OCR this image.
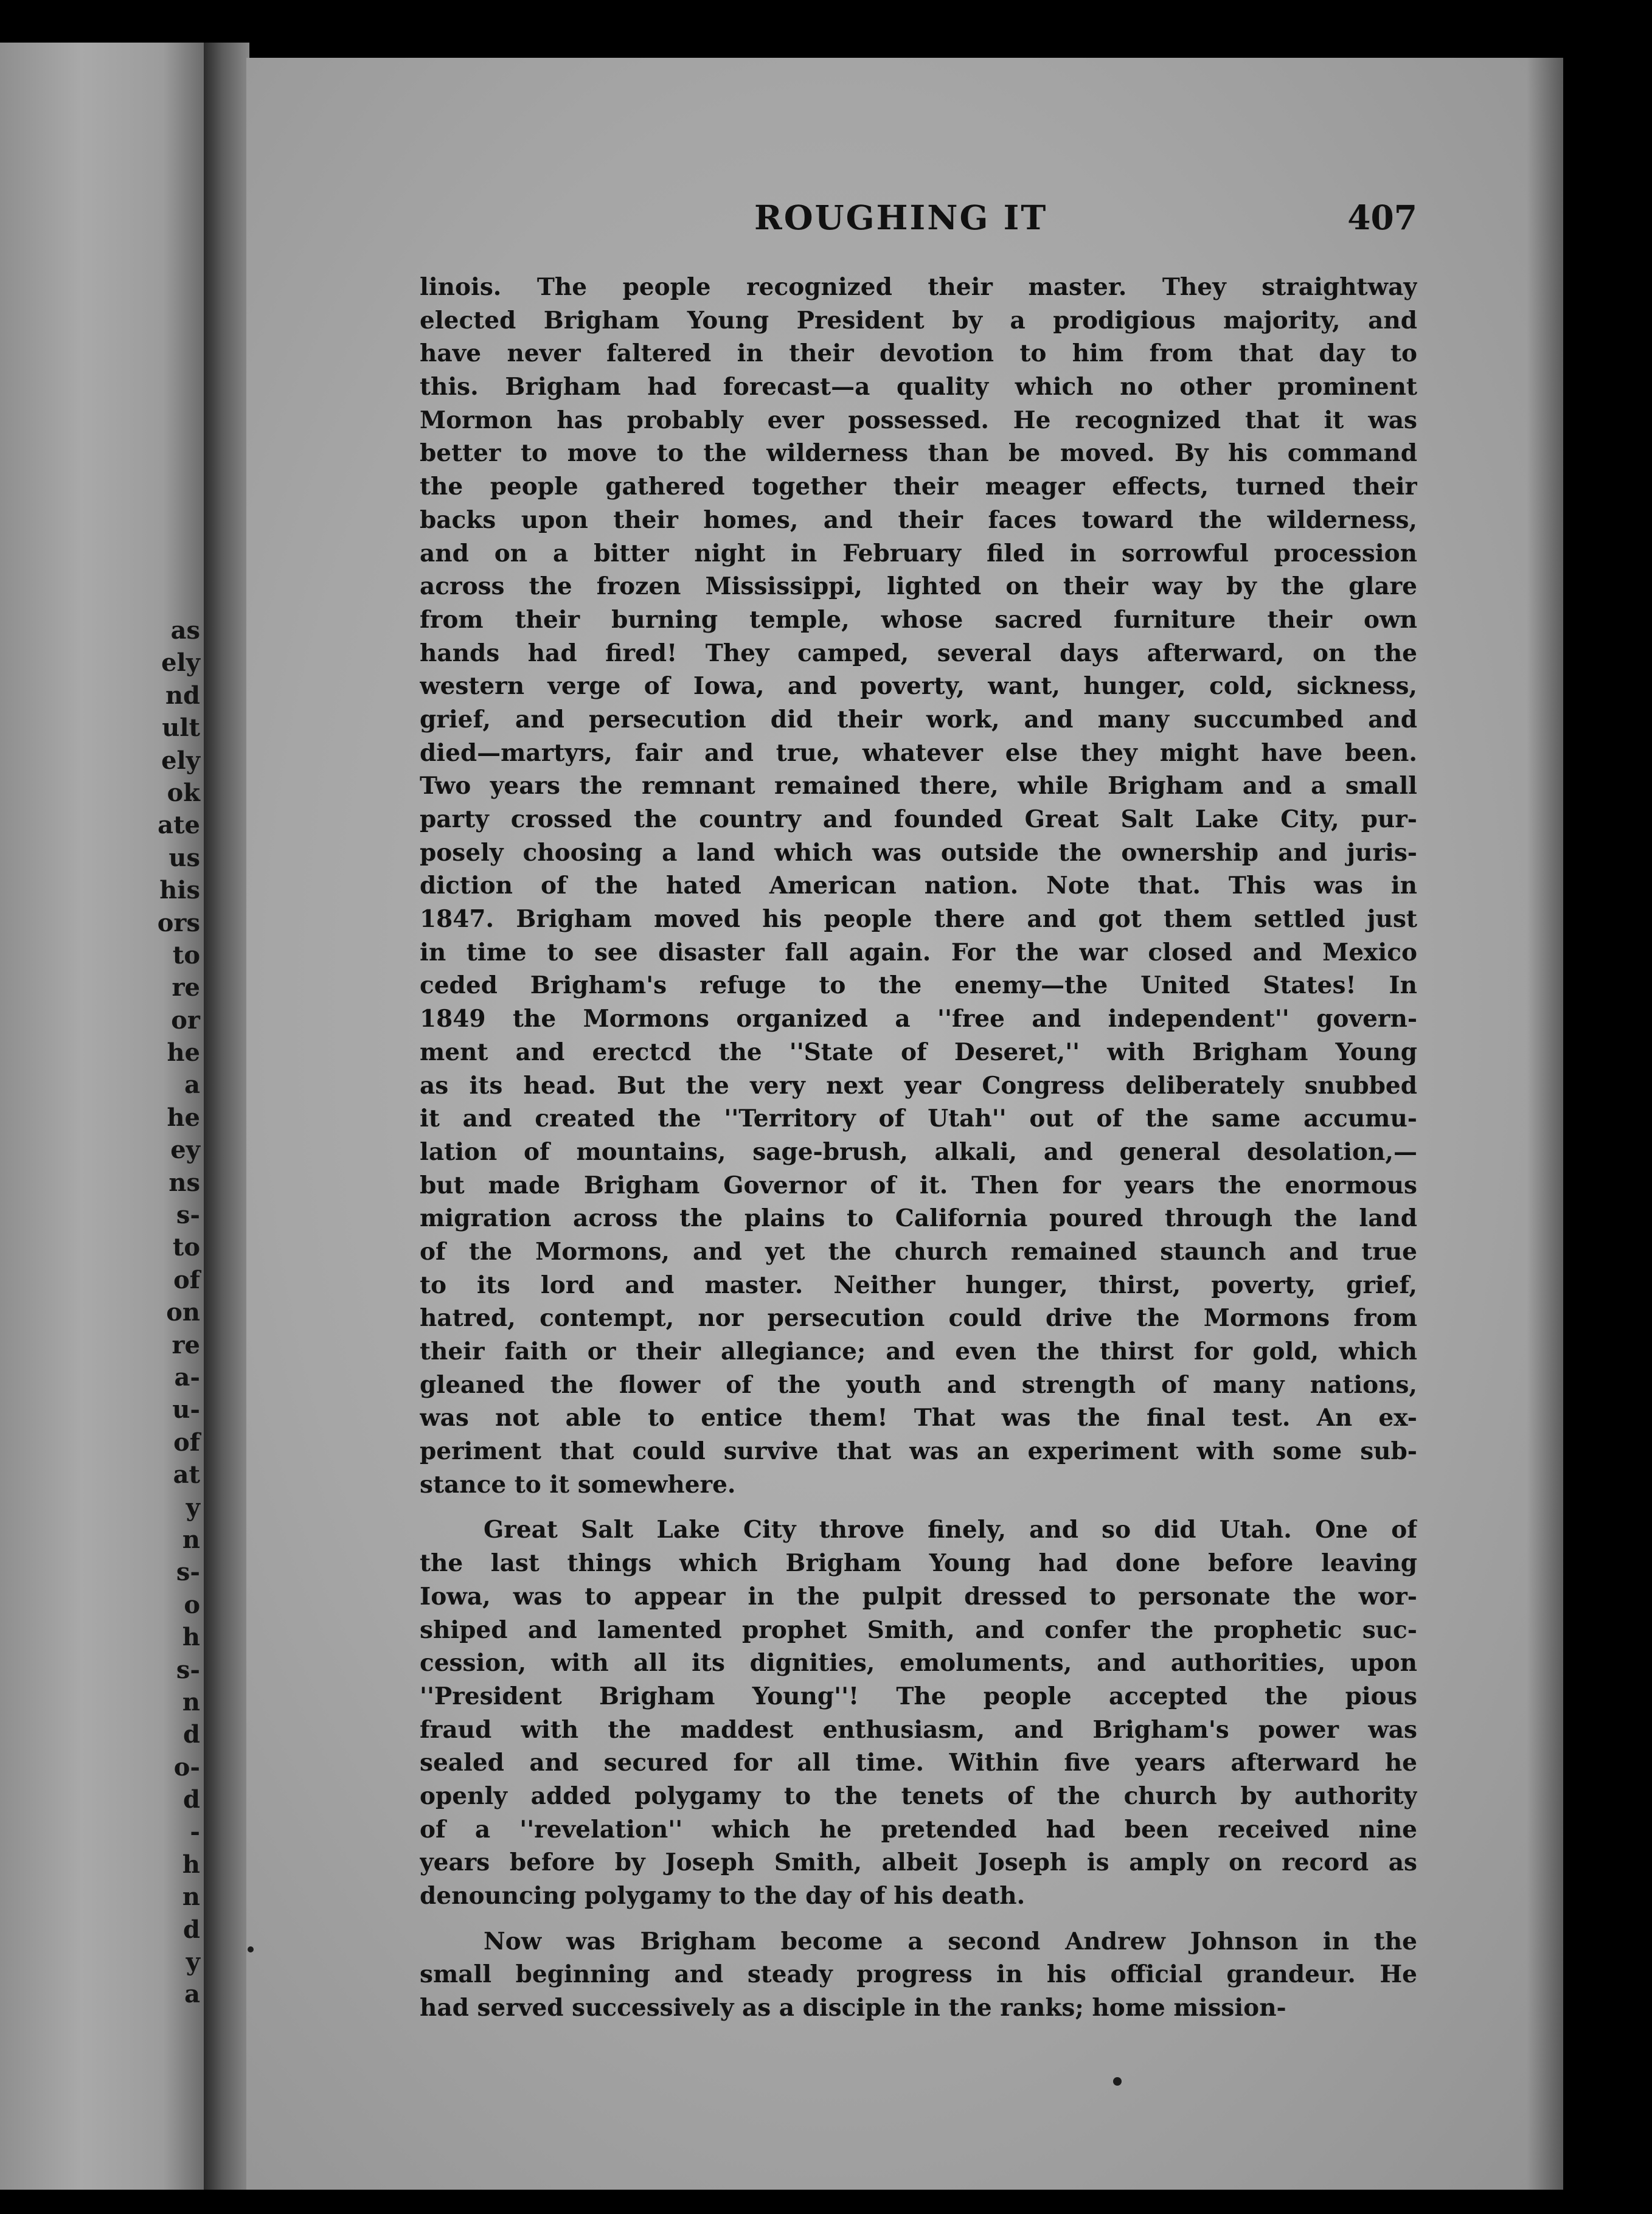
as
ely
nd
ult
ely
ok
ate
us
his
ors
to
re
or
he
a
he
ey
ns
s-
to
of
on
re
a-
u-
of
at
y
n
s-
o
h
s-
n
d
o-
d
-
h
n
d
y
a
ROUGHING IT	407

linois. The people recognized their master. They straightway

elected Brigham Young President by a prodigious majority, and

have never faltered in their devotion to him from that day to

this. Brigham had forecast—a quality which no other prominent

Mormon has probably ever possessed. He recognized that it was

better to move to the wilderness than be moved. By his command

the people gathered together their meager effects, turned their

backs upon their homes, and their faces toward the wilderness,

and on a bitter night in February filed in sorrowful procession

across the frozen Mississippi, lighted on their way by the glare

from their burning temple, whose sacred furniture their own

hands had fired! They camped, several days afterward, on the

western verge of Iowa, and poverty, want, hunger, cold, sickness,

grief, and persecution did their work, and many succumbed and

died—martyrs, fair and true, whatever else they might have been.

Two years the remnant remained there, while Brigham and a small

party crossed the country and founded Great Salt Lake City, pur-

posely choosing a land which was outside the ownership and juris-

diction of the hated American nation. Note that. This was in

1847. Brigham moved his people there and got them settled just

in time to see disaster fall again. For the war closed and Mexico

ceded Brigham's refuge to the enemy—the United States! In

1849 the Mormons organized a ''free and independent'' govern-

ment and erectcd the ''State of Deseret,'' with Brigham Young

as its head. But the very next year Congress deliberately snubbed

it and created the ''Territory of Utah'' out of the same accumu-

lation of mountains, sage-brush, alkali, and general desolation,—

but made Brigham Governor of it. Then for years the enormous

migration across the plains to California poured through the land

of the Mormons, and yet the church remained staunch and true

to its lord and master. Neither hunger, thirst, poverty, grief,

hatred, contempt, nor persecution could drive the Mormons from

their faith or their allegiance; and even the thirst for gold, which

gleaned the flower of the youth and strength of many nations,

was not able to entice them! That was the final test. An ex-

periment that could survive that was an experiment with some sub-

stance to it somewhere.

Great Salt Lake City throve finely, and so did Utah. One of

the last things which Brigham Young had done before leaving

Iowa, was to appear in the pulpit dressed to personate the wor-

shiped and lamented prophet Smith, and confer the prophetic suc-

cession, with all its dignities, emoluments, and authorities, upon

''President Brigham Young''! The people accepted the pious

fraud with the maddest enthusiasm, and Brigham's power was

sealed and secured for all time. Within five years afterward he

openly added polygamy to the tenets of the church by authority

of a ''revelation'' which he pretended had been received nine

years before by Joseph Smith, albeit Joseph is amply on record as

denouncing polygamy to the day of his death.

Now was Brigham become a second Andrew Johnson in the

small beginning and steady progress in his official grandeur. He

had served successively as a disciple in the ranks; home mission-
